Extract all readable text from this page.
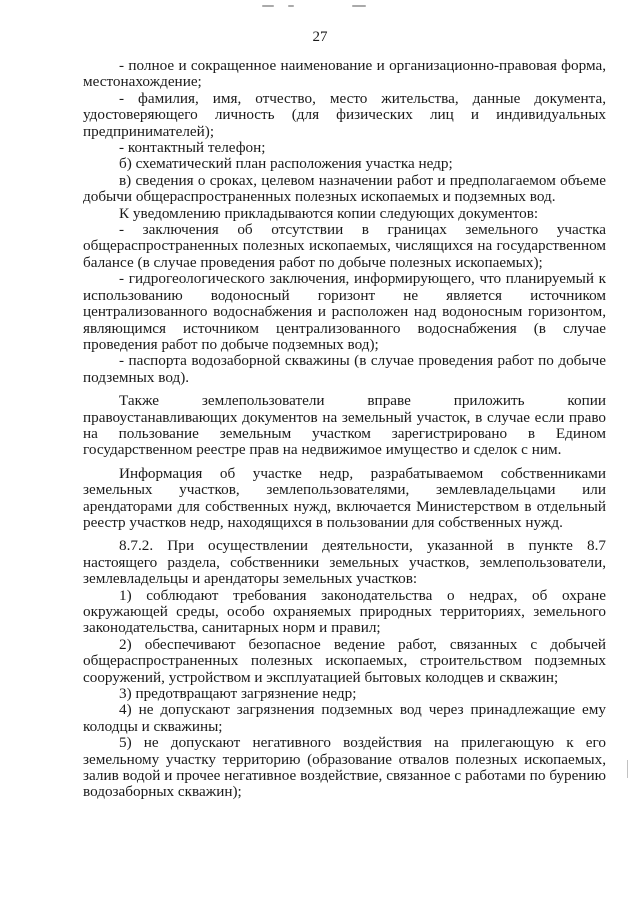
27

- полное и сокращенное наименование и организационно-правовая форма, местонахождение;

- фамилия, имя, отчество, место жительства, данные документа, удостоверяющего личность (для физических лиц и индивидуальных предпринимателей);

- контактный телефон;

б) схематический план расположения участка недр;

в) сведения о сроках, целевом назначении работ и предполагаемом объеме добычи общераспространенных полезных ископаемых и подземных вод.

К уведомлению прикладываются копии следующих документов:

- заключения об отсутствии в границах земельного участка общераспространенных полезных ископаемых, числящихся на государственном балансе (в случае проведения работ по добыче полезных ископаемых);

- гидрогеологического заключения, информирующего, что планируемый к использованию водоносный горизонт не является источником централизованного водоснабжения и расположен над водоносным горизонтом, являющимся источником централизованного водоснабжения (в случае проведения работ по добыче подземных вод);

- паспорта водозаборной скважины (в случае проведения работ по добыче подземных вод).

Также землепользователи вправе приложить копии правоустанавливающих документов на земельный участок, в случае если право на пользование земельным участком зарегистрировано в Едином государственном реестре прав на недвижимое имущество и сделок с ним.

Информация об участке недр, разрабатываемом собственниками земельных участков, землепользователями, землевладельцами или арендаторами для собственных нужд, включается Министерством в отдельный реестр участков недр, находящихся в пользовании для собственных нужд.

8.7.2. При осуществлении деятельности, указанной в пункте 8.7 настоящего раздела, собственники земельных участков, землепользователи, землевладельцы и арендаторы земельных участков:

1) соблюдают требования законодательства о недрах, об охране окружающей среды, особо охраняемых природных территориях, земельного законодательства, санитарных норм и правил;

2) обеспечивают безопасное ведение работ, связанных с добычей общераспространенных полезных ископаемых, строительством подземных сооружений, устройством и эксплуатацией бытовых колодцев и скважин;

3) предотвращают загрязнение недр;

4) не допускают загрязнения подземных вод через принадлежащие ему колодцы и скважины;

5) не допускают негативного воздействия на прилегающую к его земельному участку территорию (образование отвалов полезных ископаемых, залив водой и прочее негативное воздействие, связанное с работами по бурению водозаборных скважин);
